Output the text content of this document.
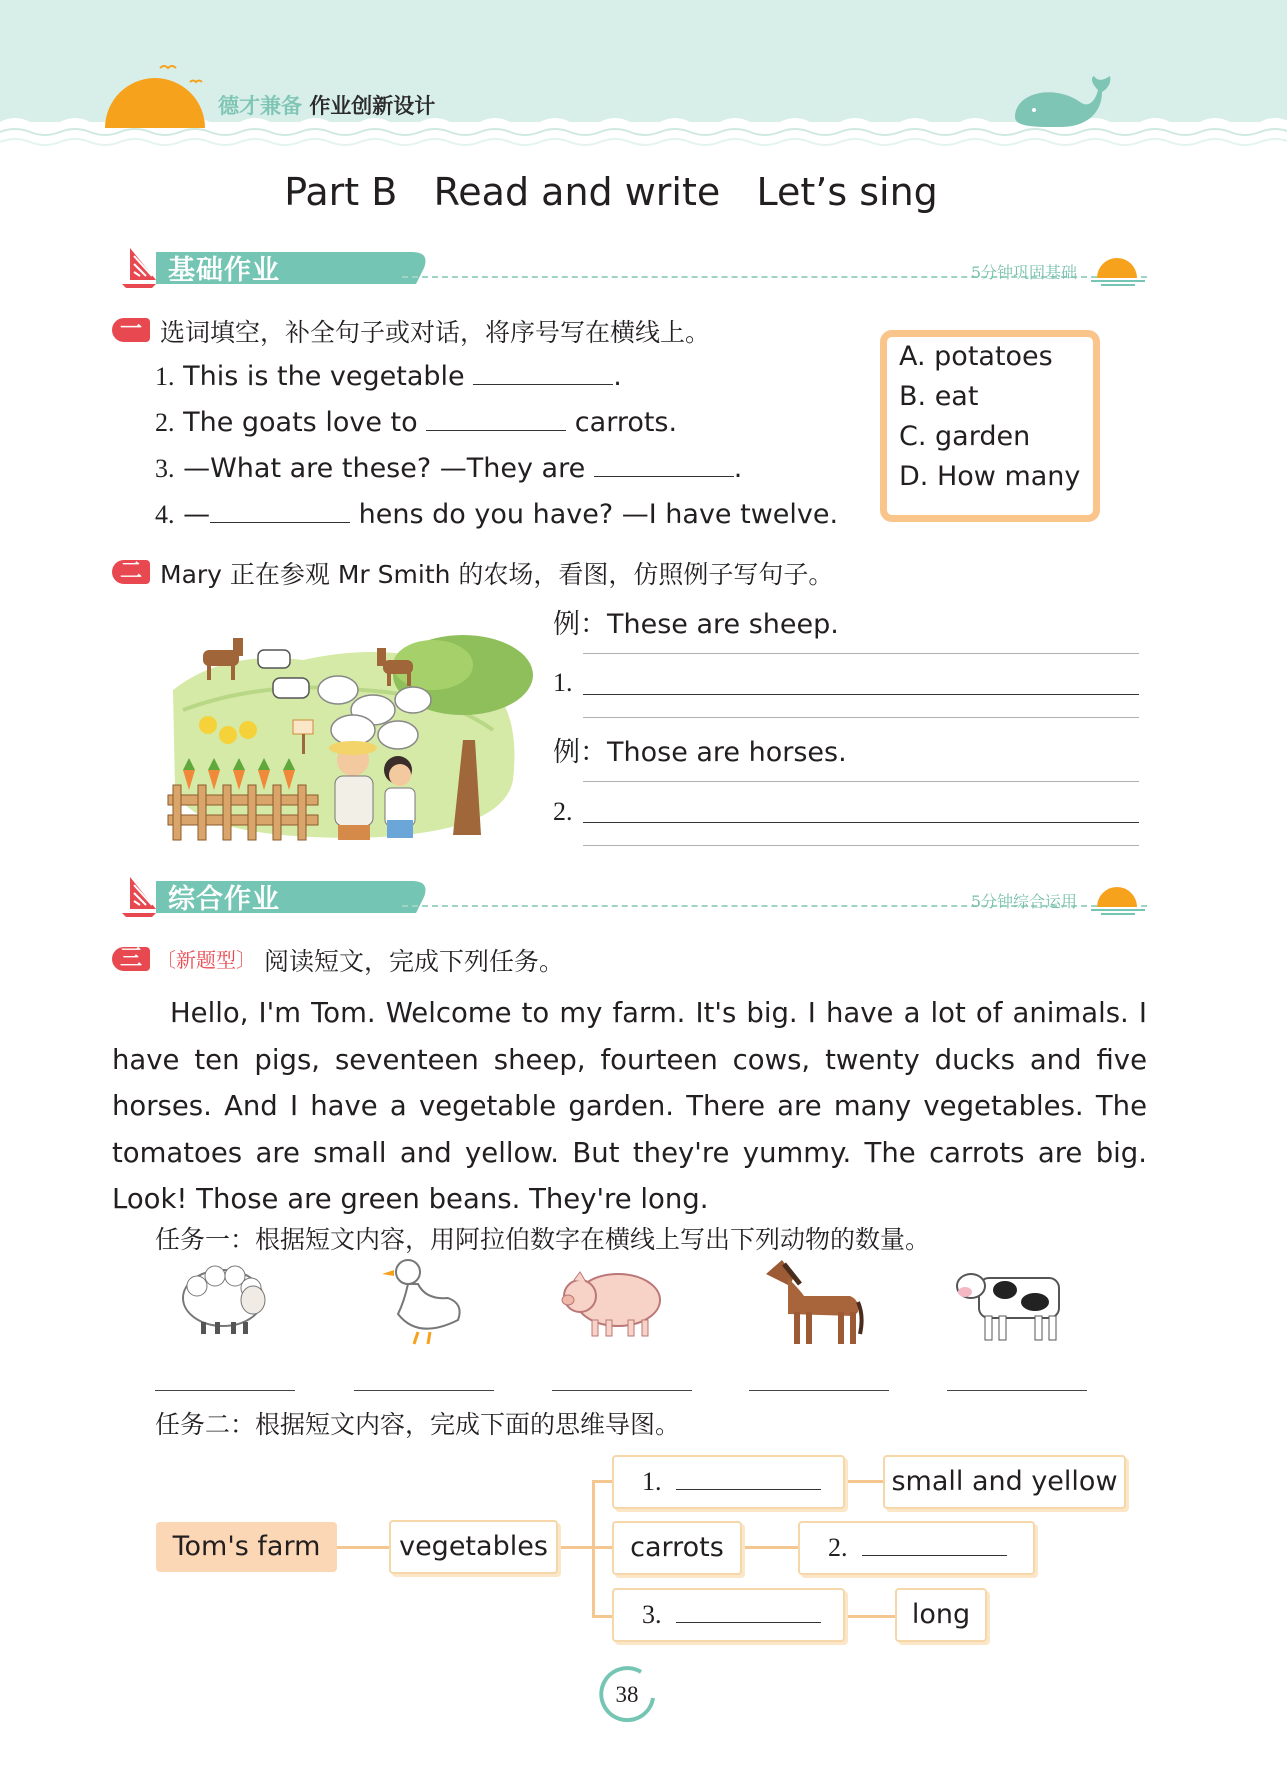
德才兼备 作业创新设计
Part B   Read and write   Let’s sing
基础作业	5分钟巩固基础
一 选词填空，补全句子或对话，将序号写在横线上。
1. This is the vegetable	.
2. The goats love to	carrots.
3. —What are these? —They are	.
4. —	hens do you have? —I have twelve.
A. potatoes
B. eat
C. garden
D. How many
二 Mary 正在参观 Mr Smith 的农场，看图，仿照例子写句子。
例：These are sheep.
1.
例：Those are horses.
2.
综合作业	5分钟综合运用
三 〔新题型〕 阅读短文，完成下列任务。

Hello, I'm Tom. Welcome to my farm. It's big. I have a lot of animals. I have ten pigs, seventeen sheep, fourteen cows, twenty ducks and five horses. And I have a vegetable garden. There are many vegetables. The tomatoes are small and yellow. But they're yummy. The carrots are big. Look! Those are green beans. They're long.

任务一：根据短文内容，用阿拉伯数字在横线上写出下列动物的数量。
任务二：根据短文内容，完成下面的思维导图。
Tom's farm	vegetables
1.	small and yellow
carrots	2.
3.	long
38
